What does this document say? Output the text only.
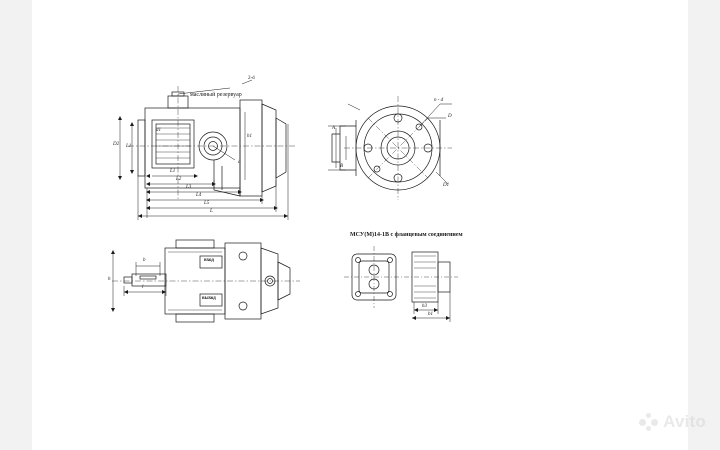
масляный резервуар
2-d
D2 L1
d1
h1
d
L1
L2
L3
L4
L5
L
n - d
D
D1
A
B
h
b
l
вход
выход
МСУ(М)14-1В с фланцевым соединением
h3
b1
Avito
